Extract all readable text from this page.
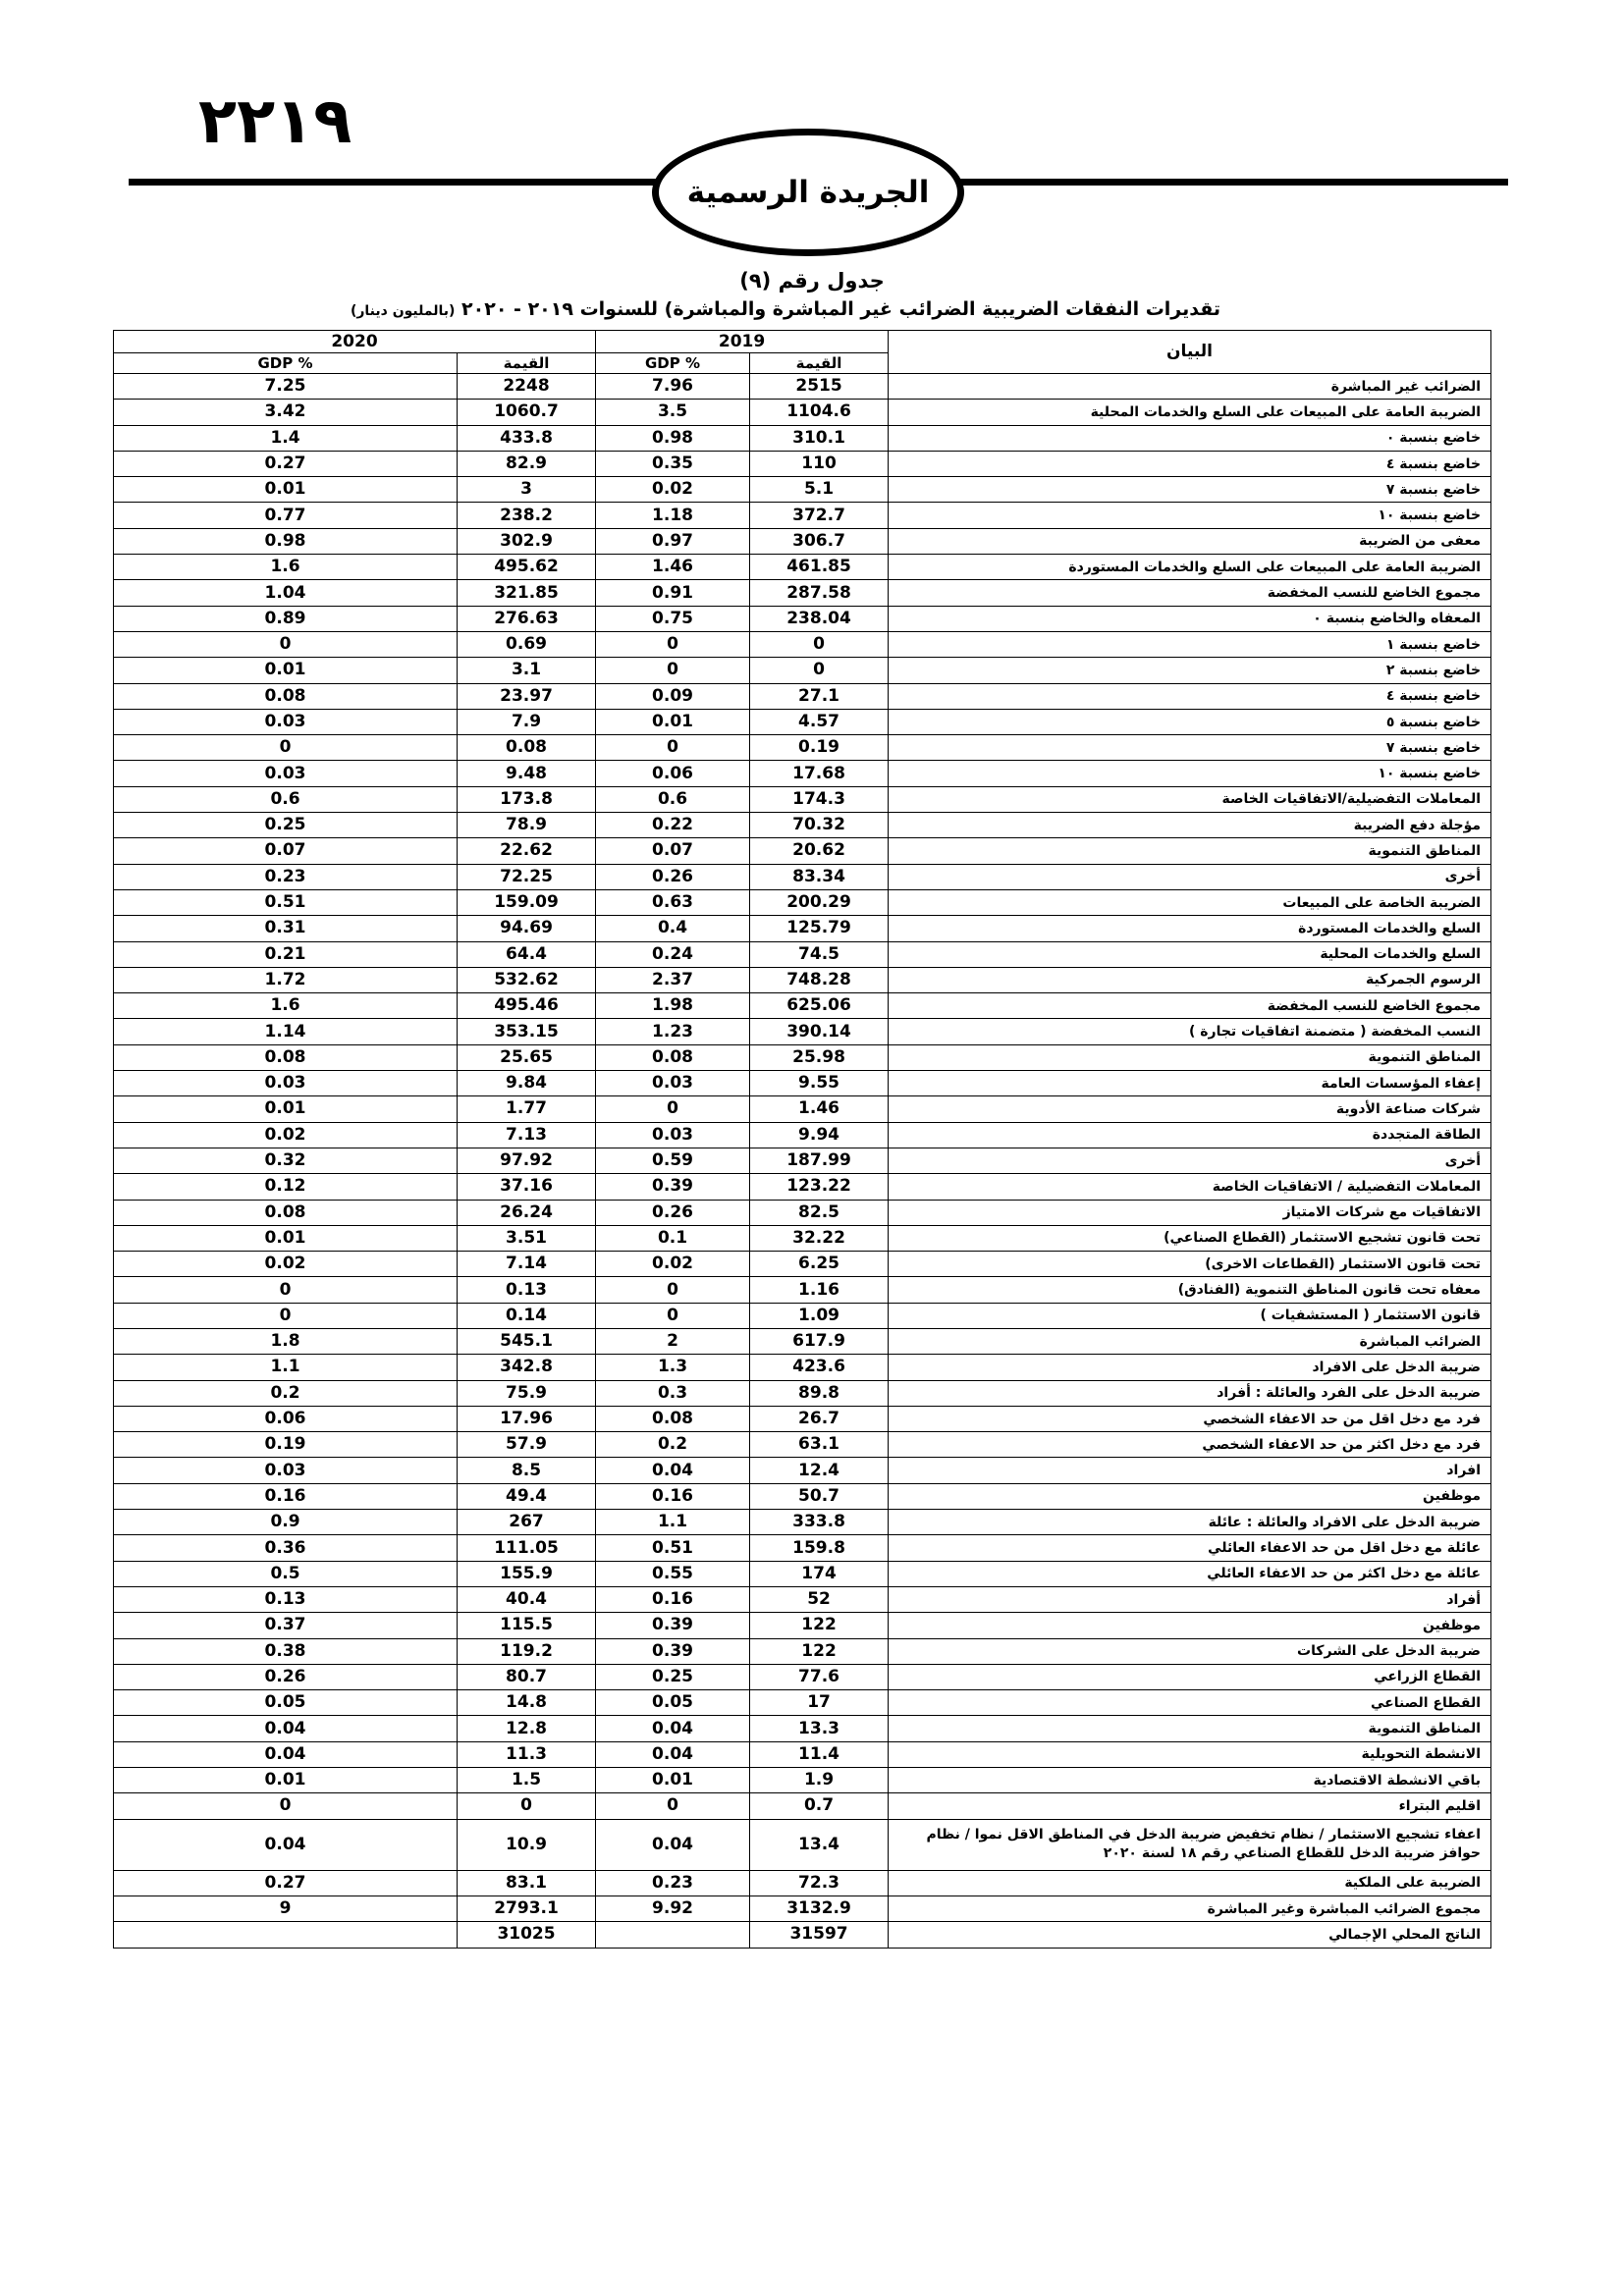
٢٢١٩
الجريدة الرسمية
جدول رقم (٩)
تقديرات النفقات الضريبية الضرائب غير المباشرة والمباشرة) للسنوات ٢٠١٩ - ٢٠٢٠ (بالمليون دينار)
البيان	2019		2020	
	القيمة	% GDP	القيمة	% GDP
الضرائب غير المباشرة	2515	7.96	2248	7.25
الضريبة العامة على المبيعات على السلع والخدمات المحلية	1104.6	3.5	1060.7	3.42
خاضع بنسبة ٠	310.1	0.98	433.8	1.4
خاضع بنسبة ٤	110	0.35	82.9	0.27
خاضع بنسبة ٧	5.1	0.02	3	0.01
خاضع بنسبة ١٠	372.7	1.18	238.2	0.77
معفى من الضريبة	306.7	0.97	302.9	0.98
الضريبة العامة على المبيعات على السلع والخدمات المستوردة	461.85	1.46	495.62	1.6
مجموع الخاضع للنسب المخفضة	287.58	0.91	321.85	1.04
المعفاه والخاضع بنسبة ٠	238.04	0.75	276.63	0.89
خاضع بنسبة ١	0	0	0.69	0
خاضع بنسبة ٢	0	0	3.1	0.01
خاضع بنسبة ٤	27.1	0.09	23.97	0.08
خاضع بنسبة ٥	4.57	0.01	7.9	0.03
خاضع بنسبة ٧	0.19	0	0.08	0
خاضع بنسبة ١٠	17.68	0.06	9.48	0.03
المعاملات التفضيلية/الاتفاقيات الخاصة	174.3	0.6	173.8	0.6
مؤجلة دفع الضريبة	70.32	0.22	78.9	0.25
المناطق التنموية	20.62	0.07	22.62	0.07
أخرى	83.34	0.26	72.25	0.23
الضريبة الخاصة على المبيعات	200.29	0.63	159.09	0.51
السلع والخدمات المستوردة	125.79	0.4	94.69	0.31
السلع والخدمات المحلية	74.5	0.24	64.4	0.21
الرسوم الجمركية	748.28	2.37	532.62	1.72
مجموع الخاضع للنسب المخفضة	625.06	1.98	495.46	1.6
النسب المخفضة ( متضمنة اتفاقيات تجارة )	390.14	1.23	353.15	1.14
المناطق التنموية	25.98	0.08	25.65	0.08
إعفاء المؤسسات العامة	9.55	0.03	9.84	0.03
شركات صناعة الأدوية	1.46	0	1.77	0.01
الطاقة المتجددة	9.94	0.03	7.13	0.02
أخرى	187.99	0.59	97.92	0.32
المعاملات التفضيلية / الاتفاقيات الخاصة	123.22	0.39	37.16	0.12
الاتفاقيات مع شركات الامتياز	82.5	0.26	26.24	0.08
تحت قانون تشجيع الاستثمار (القطاع الصناعي)	32.22	0.1	3.51	0.01
تحت قانون الاستثمار (القطاعات الاخرى)	6.25	0.02	7.14	0.02
معفاه تحت قانون المناطق التنموية (الفنادق)	1.16	0	0.13	0
قانون الاستثمار ( المستشفيات )	1.09	0	0.14	0
الضرائب المباشرة	617.9	2	545.1	1.8
ضريبة الدخل على الافراد	423.6	1.3	342.8	1.1
ضريبة الدخل على الفرد والعائلة : أفراد	89.8	0.3	75.9	0.2
فرد مع دخل اقل من حد الاعفاء الشخصي	26.7	0.08	17.96	0.06
فرد مع دخل اكثر من حد الاعفاء الشخصي	63.1	0.2	57.9	0.19
افراد	12.4	0.04	8.5	0.03
موظفين	50.7	0.16	49.4	0.16
ضريبة الدخل على الافراد والعائلة : عائلة	333.8	1.1	267	0.9
عائلة مع دخل اقل من حد الاعفاء العائلي	159.8	0.51	111.05	0.36
عائلة مع دخل اكثر من حد الاعفاء العائلي	174	0.55	155.9	0.5
أفراد	52	0.16	40.4	0.13
موظفين	122	0.39	115.5	0.37
ضريبة الدخل على الشركات	122	0.39	119.2	0.38
القطاع الزراعي	77.6	0.25	80.7	0.26
القطاع الصناعي	17	0.05	14.8	0.05
المناطق التنموية	13.3	0.04	12.8	0.04
الانشطة التحويلية	11.4	0.04	11.3	0.04
باقي الانشطة الاقتصادية	1.9	0.01	1.5	0.01
اقليم البتراء	0.7	0	0	0
اعفاء تشجيع الاستثمار / نظام تخفيض ضريبة الدخل في المناطق الاقل نموا / نظام حوافز ضريبة الدخل للقطاع الصناعي رقم ١٨ لسنة ٢٠٢٠	13.4	0.04	10.9	0.04
الضريبة على الملكية	72.3	0.23	83.1	0.27
مجموع الضرائب المباشرة وغير المباشرة	3132.9	9.92	2793.1	9
الناتج المحلي الإجمالي	31597		31025	
